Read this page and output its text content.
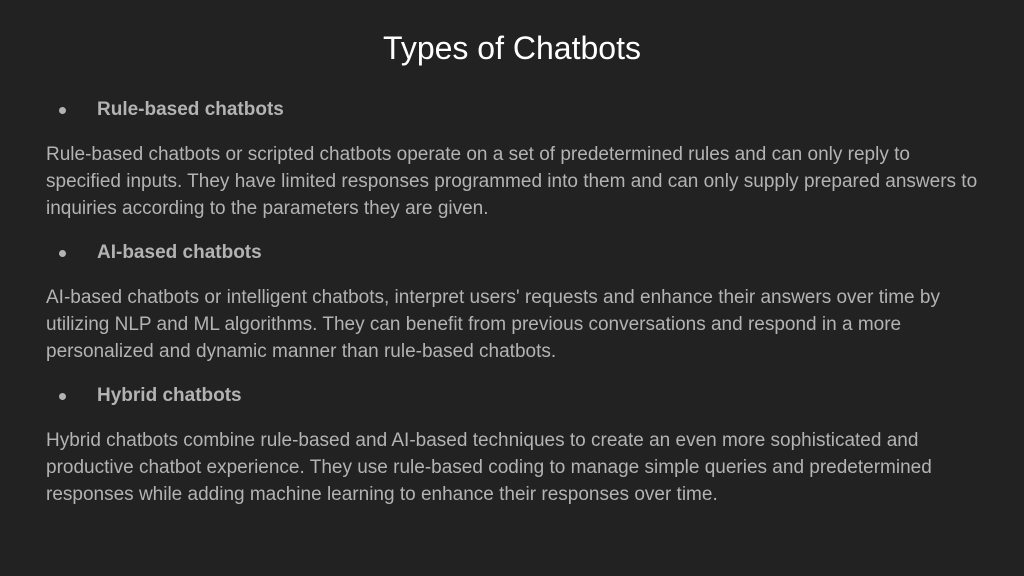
Types of Chatbots
Rule-based chatbots

Rule-based chatbots or scripted chatbots operate on a set of predetermined rules and can only reply to specified inputs. They have limited responses programmed into them and can only supply prepared answers to inquiries according to the parameters they are given.

AI-based chatbots

AI-based chatbots or intelligent chatbots, interpret users' requests and enhance their answers over time by utilizing NLP and ML algorithms. They can benefit from previous conversations and respond in a more personalized and dynamic manner than rule-based chatbots.

Hybrid chatbots

Hybrid chatbots combine rule-based and AI-based techniques to create an even more sophisticated and productive chatbot experience. They use rule-based coding to manage simple queries and predetermined responses while adding machine learning to enhance their responses over time.
